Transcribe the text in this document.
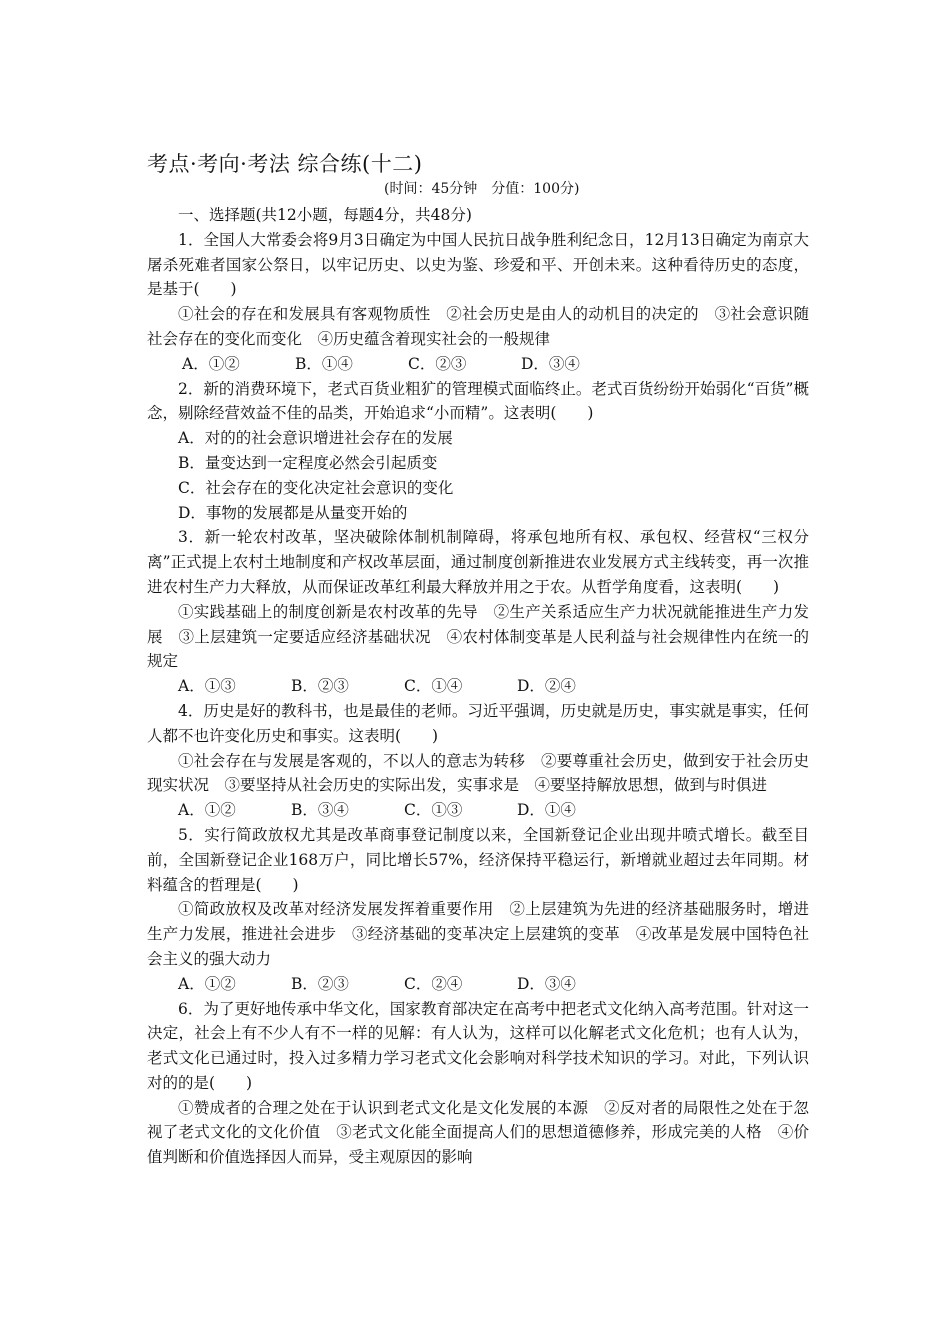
考点·考向·考法 综合练(十二)
(时间：45分钟　分值：100分)

一、选择题(共12小题，每题4分，共48分)

1．全国人大常委会将9月3日确定为中国人民抗日战争胜利纪念日，12月13日确定为南京大屠杀死难者国家公祭日，以牢记历史、以史为鉴、珍爱和平、开创未来。这种看待历史的态度，是基于(　　)

①社会的存在和发展具有客观物质性　②社会历史是由人的动机目的决定的　③社会意识随社会存在的变化而变化　④历史蕴含着现实社会的一般规律

A．①②	B．①④	C．②③	D．③④

2．新的消费环境下，老式百货业粗犷的管理模式面临终止。老式百货纷纷开始弱化“百货”概念，剔除经营效益不佳的品类，开始追求“小而精”。这表明(　　)

A．对的的社会意识增进社会存在的发展

B．量变达到一定程度必然会引起质变

C．社会存在的变化决定社会意识的变化

D．事物的发展都是从量变开始的

3．新一轮农村改革，坚决破除体制机制障碍，将承包地所有权、承包权、经营权“三权分离”正式提上农村土地制度和产权改革层面，通过制度创新推进农业发展方式主线转变，再一次推进农村生产力大释放，从而保证改革红利最大释放并用之于农。从哲学角度看，这表明(　　)

①实践基础上的制度创新是农村改革的先导　②生产关系适应生产力状况就能推进生产力发展　③上层建筑一定要适应经济基础状况　④农村体制变革是人民利益与社会规律性内在统一的规定

A．①③	B．②③	C．①④	D．②④

4．历史是好的教科书，也是最佳的老师。习近平强调，历史就是历史，事实就是事实，任何人都不也许变化历史和事实。这表明(　　)

①社会存在与发展是客观的，不以人的意志为转移　②要尊重社会历史，做到安于社会历史现实状况　③要坚持从社会历史的实际出发，实事求是　④要坚持解放思想，做到与时俱进

A．①②	B．③④	C．①③	D．①④

5．实行简政放权尤其是改革商事登记制度以来，全国新登记企业出现井喷式增长。截至目前，全国新登记企业168万户，同比增长57%，经济保持平稳运行，新增就业超过去年同期。材料蕴含的哲理是(　　)

①简政放权及改革对经济发展发挥着重要作用　②上层建筑为先进的经济基础服务时，增进生产力发展，推进社会进步　③经济基础的变革决定上层建筑的变革　④改革是发展中国特色社会主义的强大动力

A．①②	B．②③	C．②④	D．③④

6．为了更好地传承中华文化，国家教育部决定在高考中把老式文化纳入高考范围。针对这一决定，社会上有不少人有不一样的见解：有人认为，这样可以化解老式文化危机；也有人认为，老式文化已通过时，投入过多精力学习老式文化会影响对科学技术知识的学习。对此，下列认识对的的是(　　)

①赞成者的合理之处在于认识到老式文化是文化发展的本源　②反对者的局限性之处在于忽视了老式文化的文化价值　③老式文化能全面提高人们的思想道德修养，形成完美的人格　④价值判断和价值选择因人而异，受主观原因的影响
